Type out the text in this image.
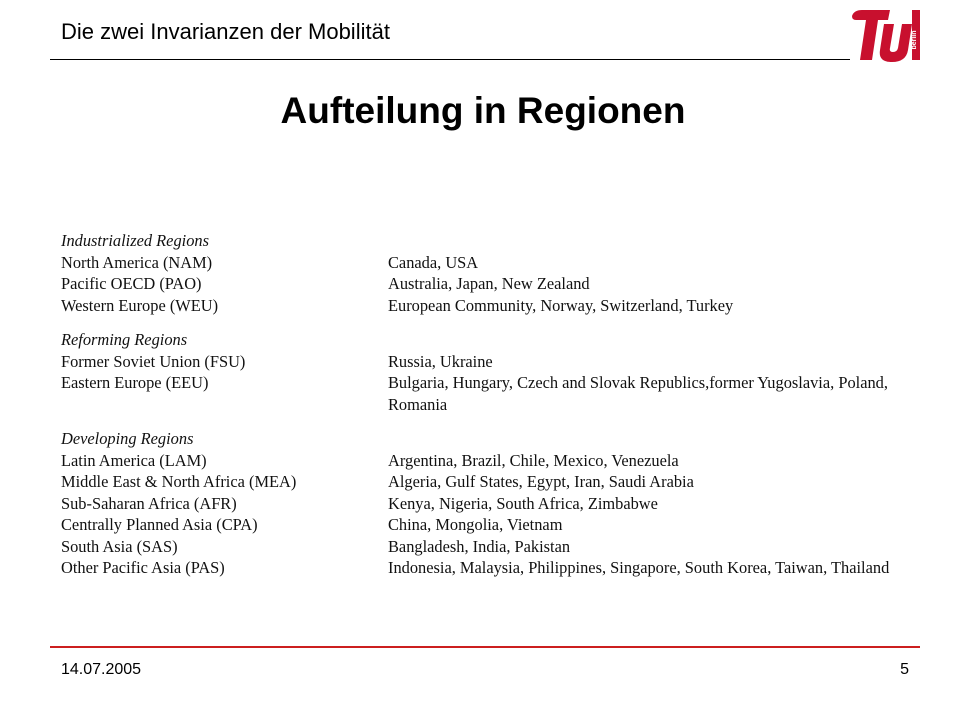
Die zwei Invarianzen der Mobilität	berlin
Aufteilung in Regionen
Industrialized Regions
North America (NAM)	Canada, USA
Pacific OECD (PAO)	Australia, Japan, New Zealand
Western Europe (WEU)	European Community, Norway, Switzerland, Turkey
Reforming Regions
Former Soviet Union (FSU)	Russia, Ukraine
Eastern Europe (EEU)	Bulgaria, Hungary, Czech and Slovak Republics,former Yugoslavia, Poland, Romania
Developing Regions
Latin America (LAM)	Argentina, Brazil, Chile, Mexico, Venezuela
Middle East & North Africa (MEA)	Algeria, Gulf States, Egypt, Iran, Saudi Arabia
Sub-Saharan Africa (AFR)	Kenya, Nigeria, South Africa, Zimbabwe
Centrally Planned Asia (CPA)	China, Mongolia, Vietnam
South Asia (SAS)	Bangladesh, India, Pakistan
Other Pacific Asia (PAS)	Indonesia, Malaysia, Philippines, Singapore, South Korea, Taiwan, Thailand
14.07.2005	5
